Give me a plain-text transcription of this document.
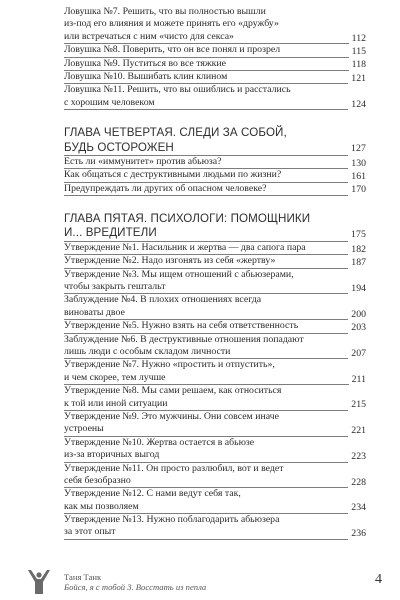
Ловушка №7. Решить, что вы полностью вышли
из-под его влияния и можете принять его «дружбу»
или встречаться с ним «чисто для секса»	112
Ловушка №8. Поверить, что он все понял и прозрел	115
Ловушка №9. Пуститься во все тяжкие	118
Ловушка №10. Вышибать клин клином	121
Ловушка №11. Решить, что вы ошиблись и расстались
с хорошим человеком	124
ГЛАВА ЧЕТВЕРТАЯ. СЛЕДИ ЗА СОБОЙ,
БУДЬ ОСТОРОЖЕН	127
Есть ли «иммунитет» против абьюза?	130
Как общаться с деструктивными людьми по жизни?	161
Предупреждать ли других об опасном человеке?	170
ГЛАВА ПЯТАЯ. ПСИХОЛОГИ: ПОМОЩНИКИ
И... ВРЕДИТЕЛИ	175
Утверждение №1. Насильник и жертва — два сапога пара	182
Утверждение №2. Надо изгонять из себя «жертву»	187
Утверждение №3. Мы ищем отношений с абьюзерами,
чтобы закрыть гештальт	194
Заблуждение №4. В плохих отношениях всегда
виноваты двое	200
Утверждение №5. Нужно взять на себя ответственность	203
Заблуждение №6. В деструктивные отношения попадают
лишь люди с особым складом личности	207
Утверждение №7. Нужно «простить и отпустить»,
и чем скорее, тем лучше	211
Утверждение №8. Мы сами решаем, как относиться
к той или иной ситуации	215
Утверждение №9. Это мужчины. Они совсем иначе
устроены	221
Утверждение №10. Жертва остается в абьюзе
из-за вторичных выгод	223
Утверждение №11. Он просто разлюбил, вот и ведет
себя безобразно	228
Утверждение №12. С нами ведут себя так,
как мы позволяем	234
Утверждение №13. Нужно поблагодарить абьюзера
за этот опыт	236
Таня Танк
Бойся, я с тобой 3. Восстать из пепла	4
